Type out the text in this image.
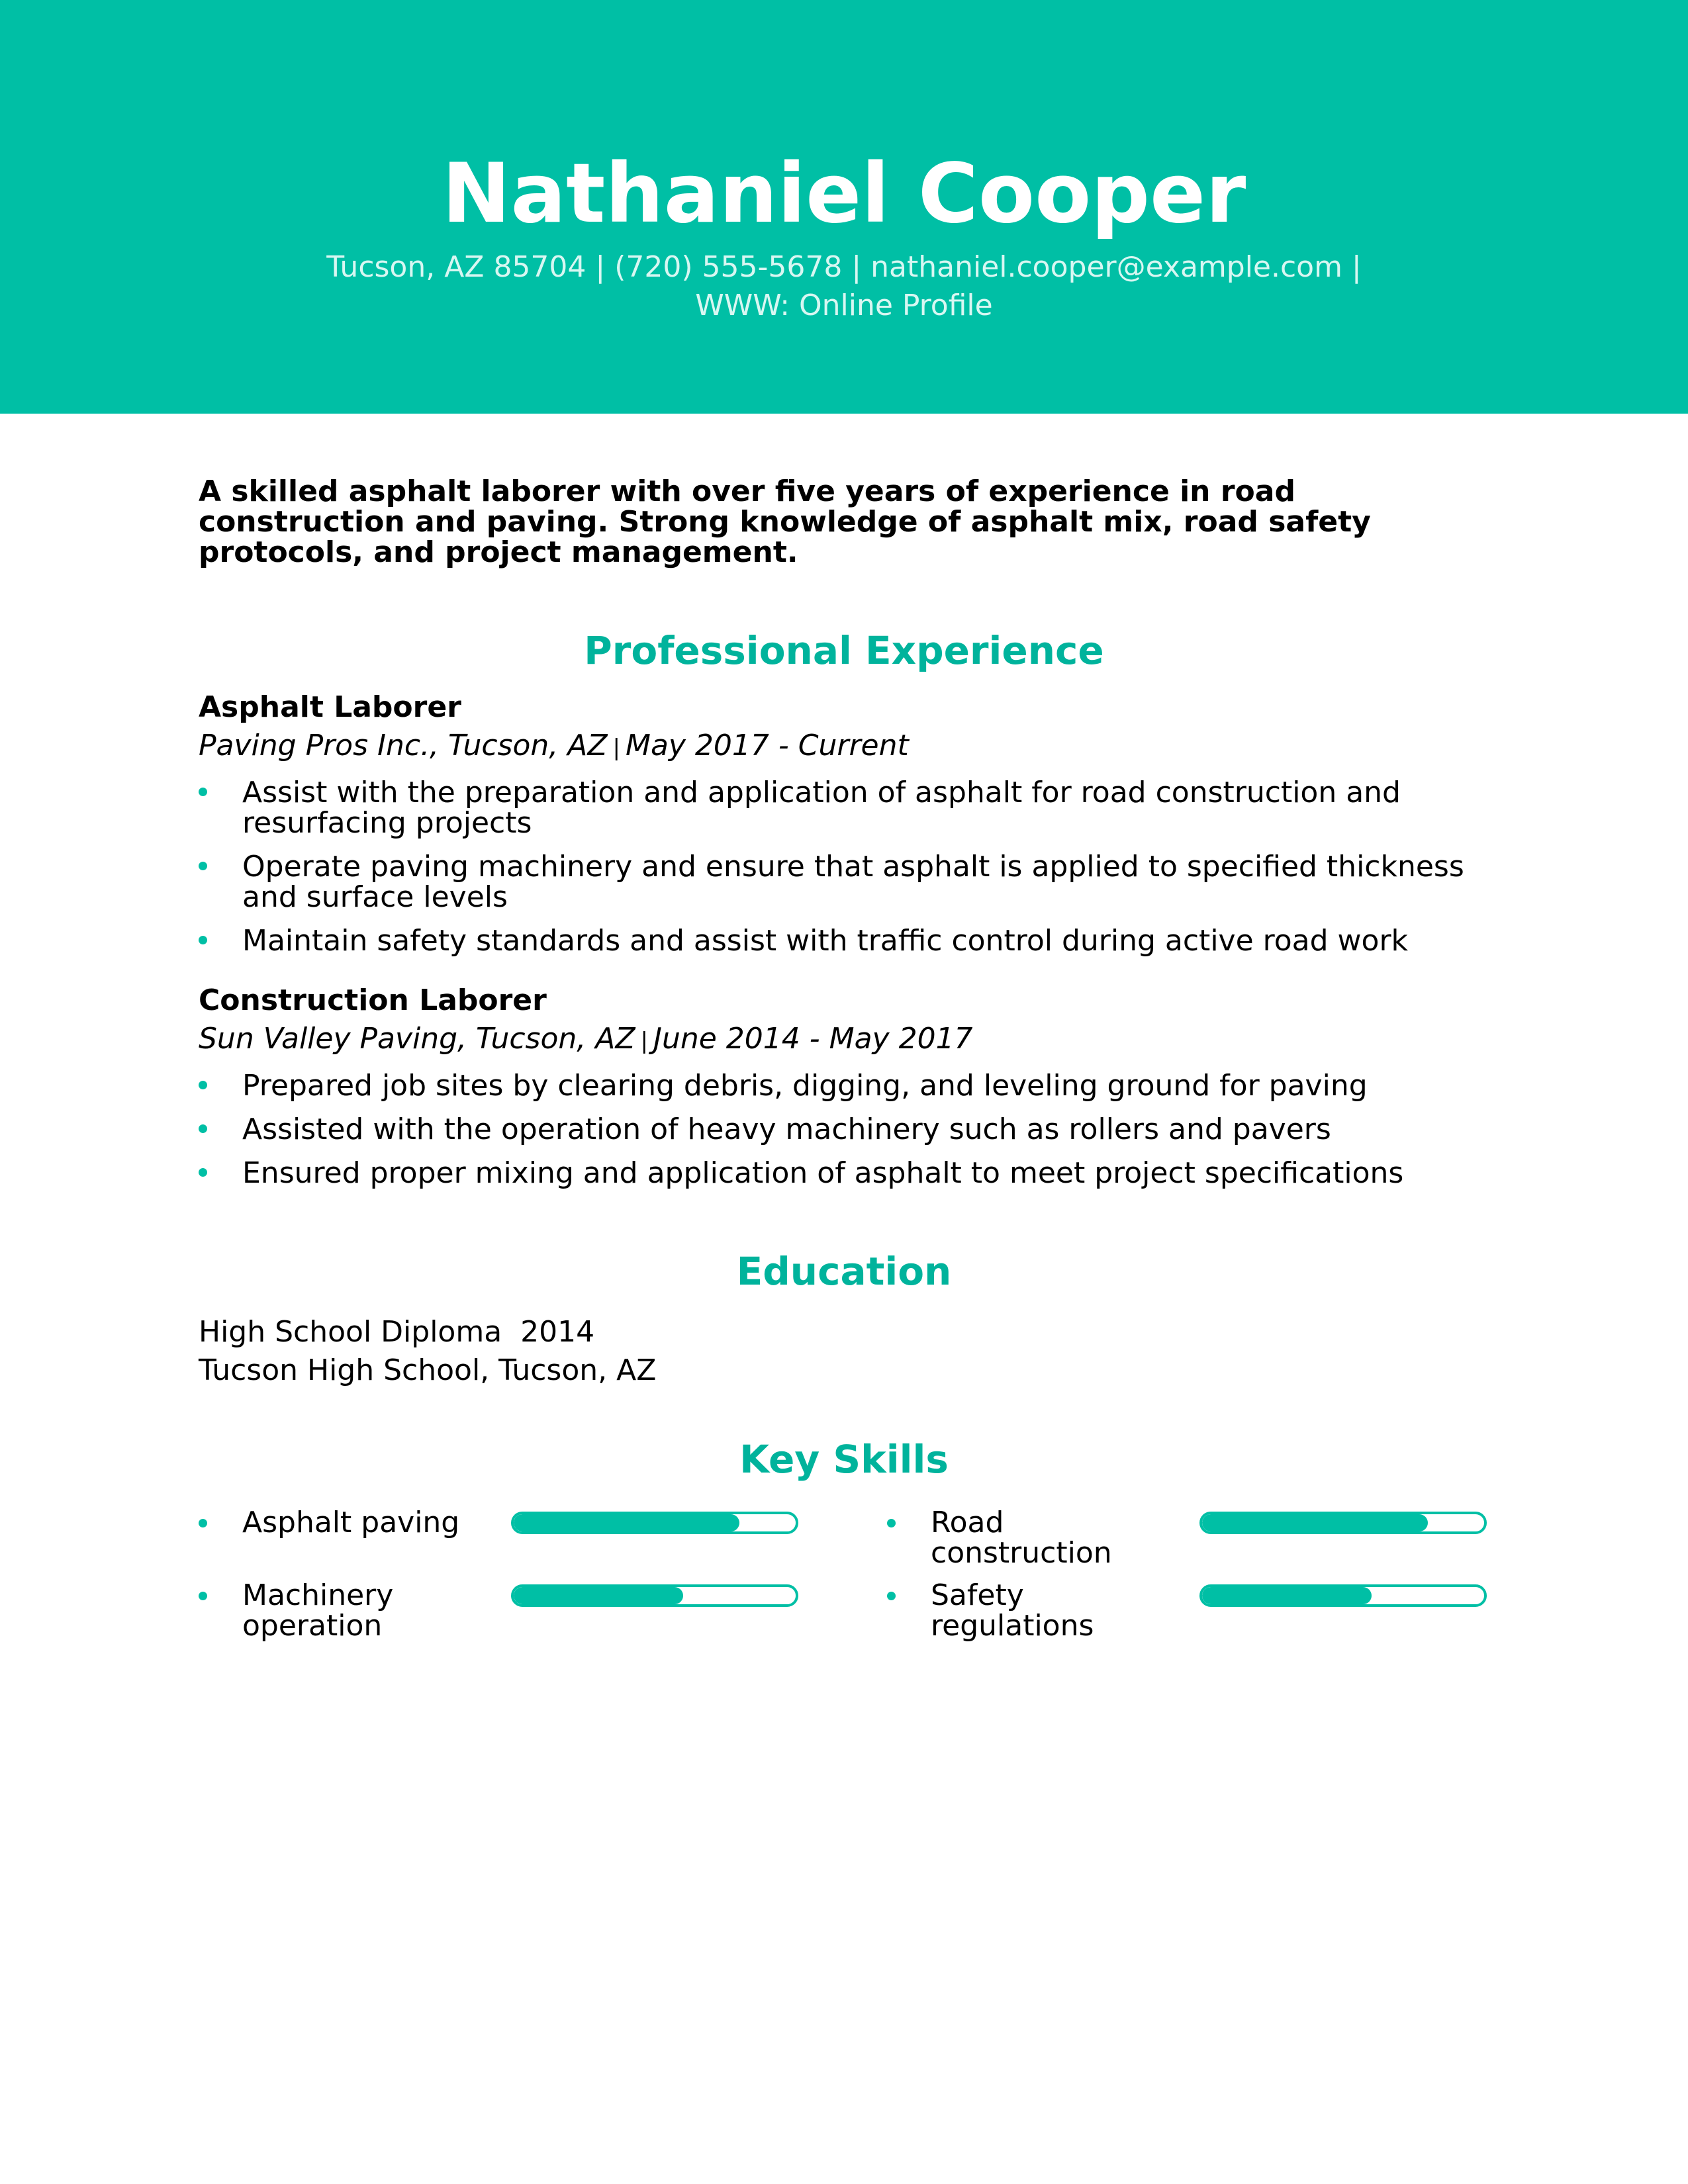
Nathaniel Cooper
Tucson, AZ 85704 | (720) 555-5678 | nathaniel.cooper@example.com |
WWW: Online Profile

A skilled asphalt laborer with over five years of experience in road construction and paving. Strong knowledge of asphalt mix, road safety protocols, and project management.

Professional Experience

Asphalt Laborer

Paving Pros Inc., Tucson, AZ | May 2017 - Current

Assist with the preparation and application of asphalt for road construction and resurfacing projects
Operate paving machinery and ensure that asphalt is applied to specified thickness and surface levels
Maintain safety standards and assist with traffic control during active road work

Construction Laborer

Sun Valley Paving, Tucson, AZ | June 2014 - May 2017

Prepared job sites by clearing debris, digging, and leveling ground for paving
Assisted with the operation of heavy machinery such as rollers and pavers
Ensured proper mixing and application of asphalt to meet project specifications
Education

High School Diploma  2014

Tucson High School, Tucson, AZ

Key Skills
Asphalt paving	Road construction
Machinery operation
Safety regulations
